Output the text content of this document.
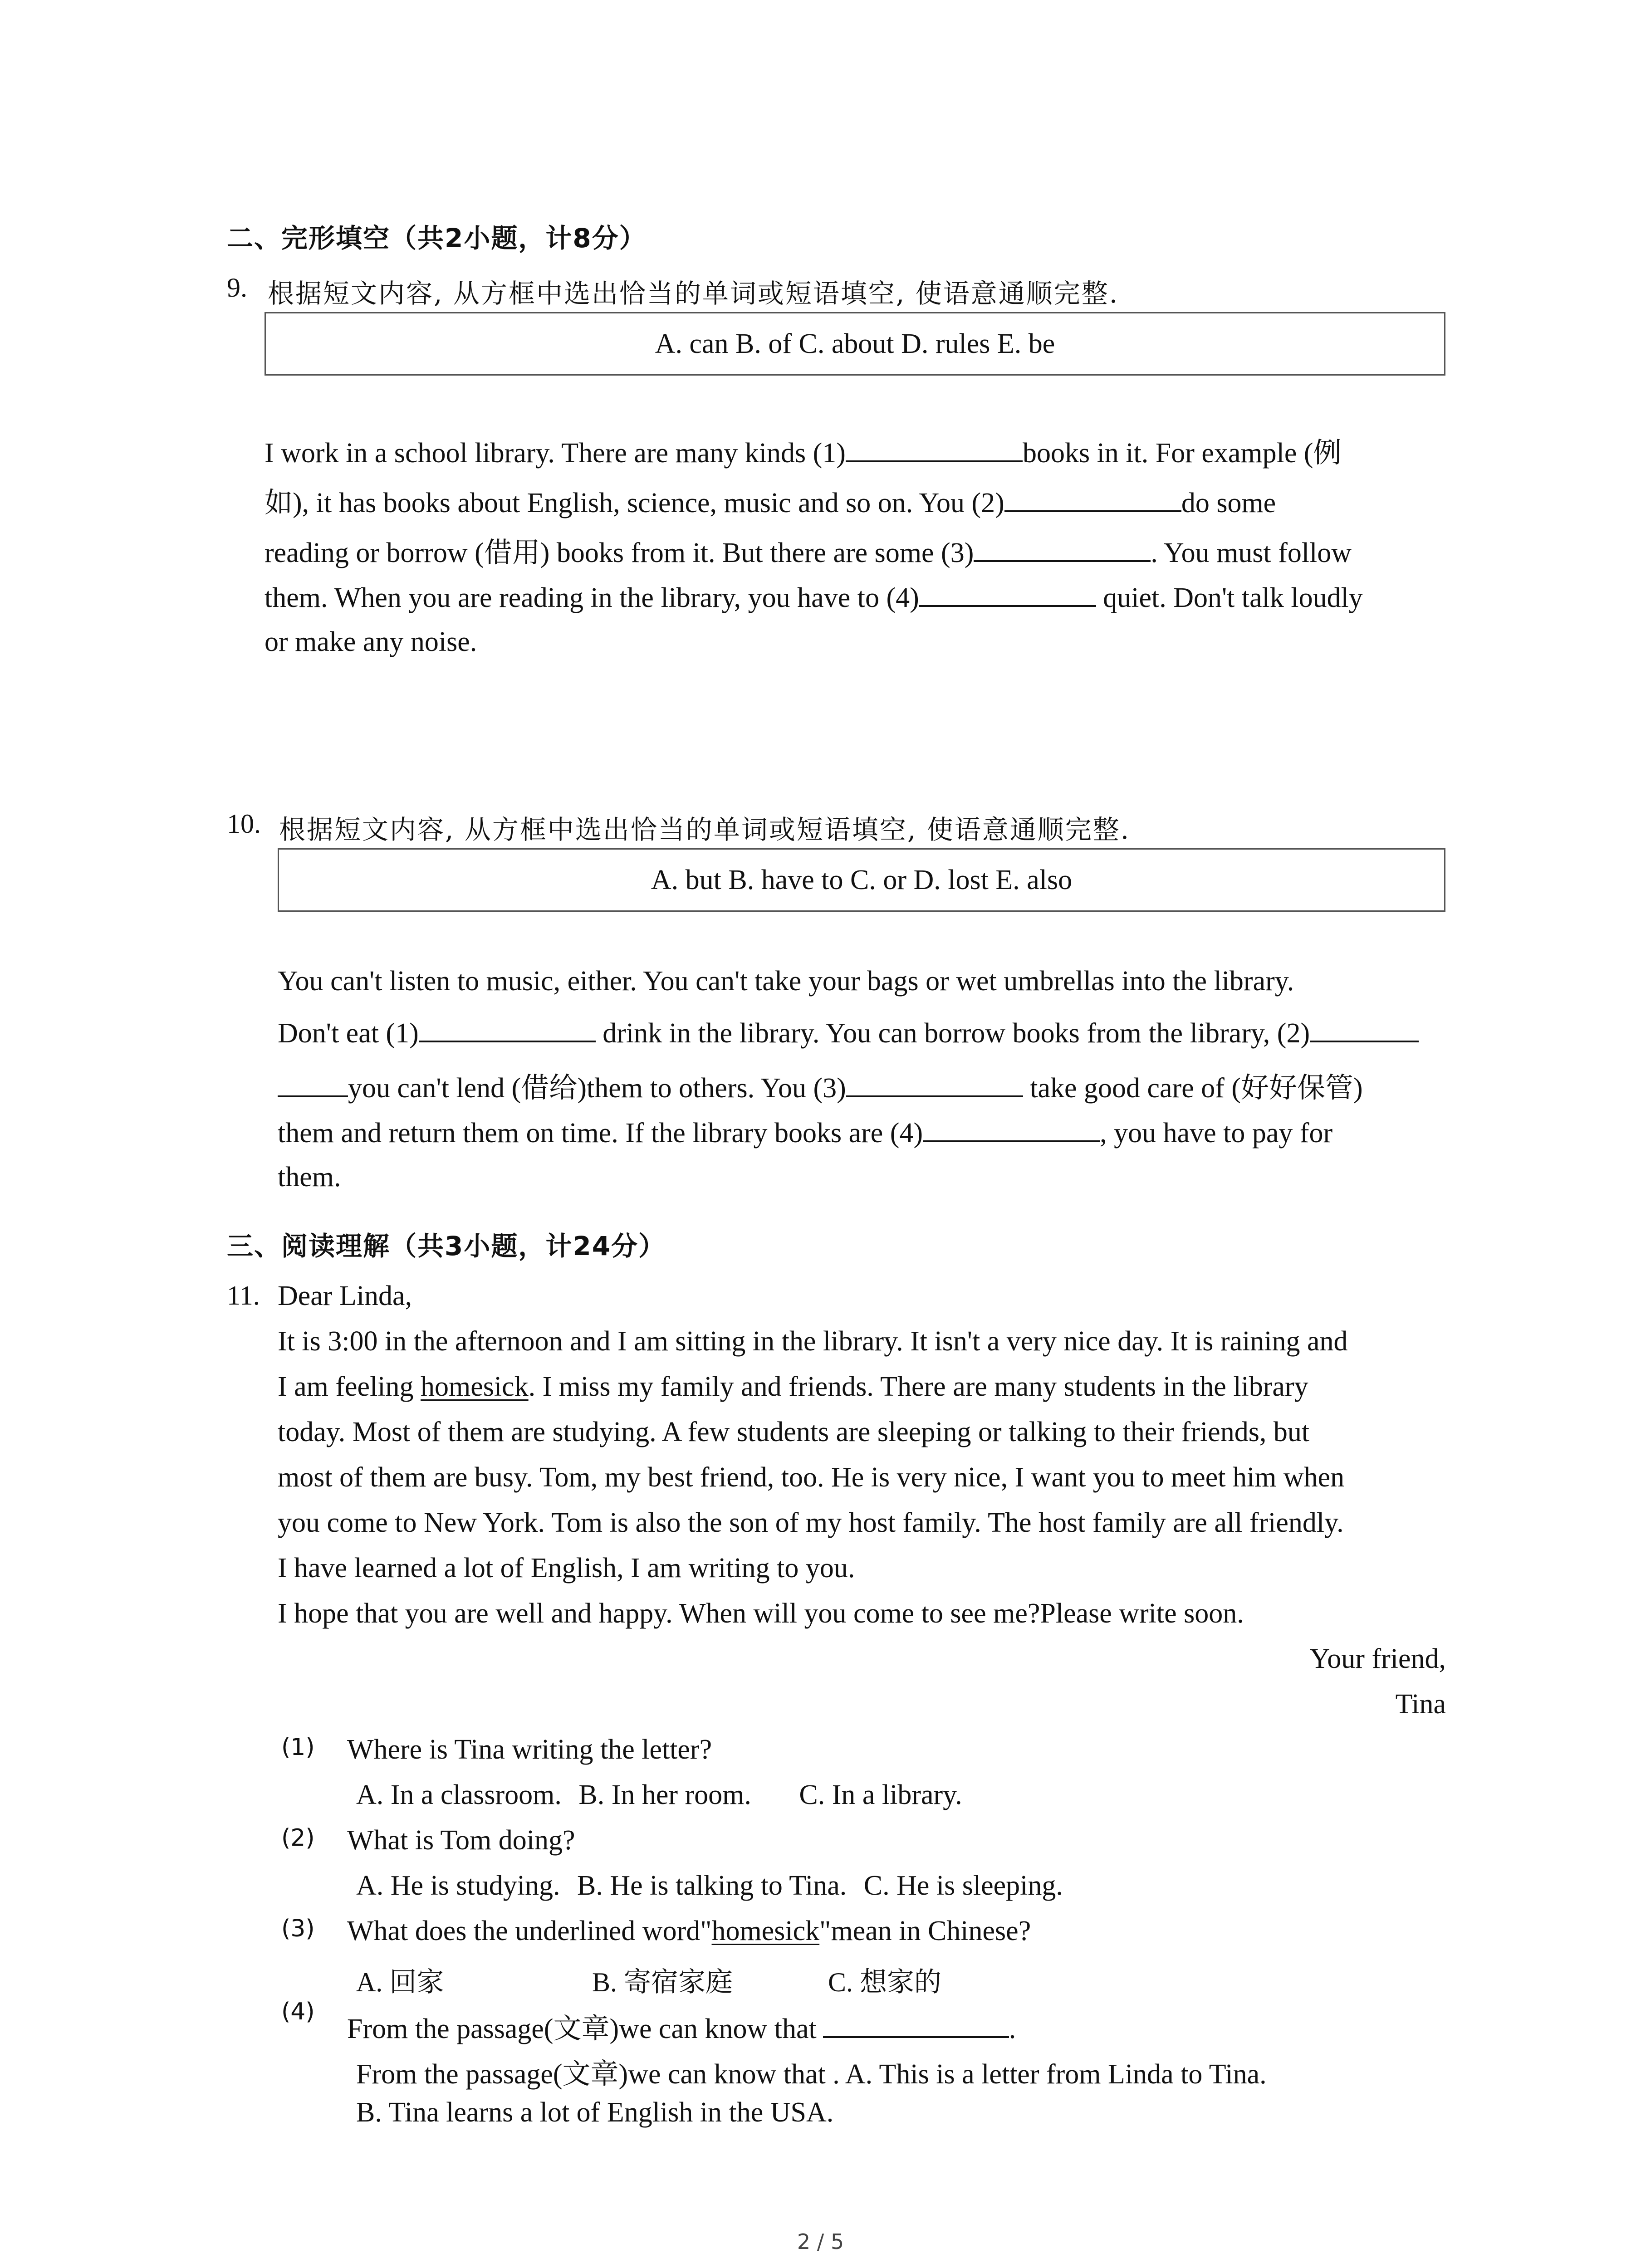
二、完形填空（共2小题，计8分）
9. 根据短文内容, 从方框中选出恰当的单词或短语填空, 使语意通顺完整.
A. can B. of C. about D. rules E. be
I work in a school library. There are many kinds (1)	books in it. For example (例
如), it has books about English, science, music and so on. You (2)	do some
reading or borrow (借用) books from it. But there are some (3)	. You must follow
them. When you are reading in the library, you have to (4)	quiet. Don't talk loudly
or make any noise.
10. 根据短文内容, 从方框中选出恰当的单词或短语填空, 使语意通顺完整.
A. but B. have to C. or D. lost E. also
You can't listen to music, either. You can't take your bags or wet umbrellas into the library.
Don't eat (1)	drink in the library. You can borrow books from the library, (2)
you can't lend (借给)them to others. You (3)	take good care of (好好保管)
them and return them on time. If the library books are (4)	, you have to pay for
them.
三、阅读理解（共3小题，计24分）
11. Dear Linda,
It is 3:00 in the afternoon and I am sitting in the library. It isn't a very nice day. It is raining and
I am feeling homesick. I miss my family and friends. There are many students in the library
today. Most of them are studying. A few students are sleeping or talking to their friends, but
most of them are busy. Tom, my best friend, too. He is very nice, I want you to meet him when
you come to New York. Tom is also the son of my host family. The host family are all friendly.
I have learned a lot of English, I am writing to you.
I hope that you are well and happy. When will you come to see me?Please write soon.
Your friend,
Tina
(1) Where is Tina writing the letter?
A. In a classroom. B. In her room. C. In a library.
(2) What is Tom doing?
A. He is studying. B. He is talking to Tina. C. He is sleeping.
(3) What does the underlined word"homesick"mean in Chinese?
A. 回家	B. 寄宿家庭	C. 想家的
(4)
From the passage(文章)we can know that	.
From the passage(文章)we can know that . A. This is a letter from Linda to Tina.
B. Tina learns a lot of English in the USA.
2 / 5
